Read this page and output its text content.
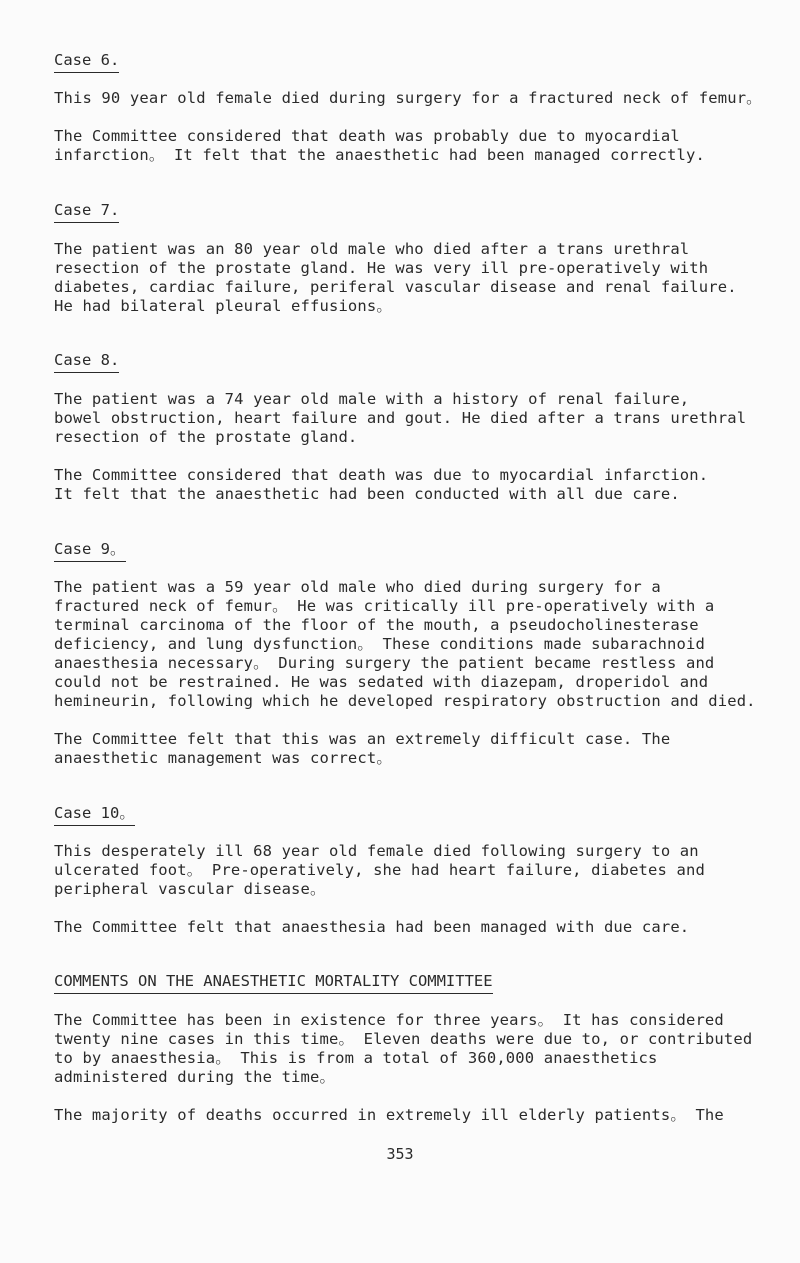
Case 6.
This 90 year old female died during surgery for a fractured neck of femur。
The Committee considered that death was probably due to myocardial
infarction。 It felt that the anaesthetic had been managed correctly.
Case 7.
The patient was an 80 year old male who died after a trans urethral
resection of the prostate gland. He was very ill pre-operatively with
diabetes, cardiac failure, periferal vascular disease and renal failure.
He had bilateral pleural effusions。
Case 8.
The patient was a 74 year old male with a history of renal failure,
bowel obstruction, heart failure and gout. He died after a trans urethral
resection of the prostate gland.
The Committee considered that death was due to myocardial infarction.
It felt that the anaesthetic had been conducted with all due care.
Case 9。
The patient was a 59 year old male who died during surgery for a
fractured neck of femur。 He was critically ill pre-operatively with a
terminal carcinoma of the floor of the mouth, a pseudocholinesterase
deficiency, and lung dysfunction。 These conditions made subarachnoid
anaesthesia necessary。 During surgery the patient became restless and
could not be restrained. He was sedated with diazepam, droperidol and
hemineurin, following which he developed respiratory obstruction and died.
The Committee felt that this was an extremely difficult case. The
anaesthetic management was correct。
Case 10。
This desperately ill 68 year old female died following surgery to an
ulcerated foot。 Pre-operatively, she had heart failure, diabetes and
peripheral vascular disease。
The Committee felt that anaesthesia had been managed with due care.
COMMENTS ON THE ANAESTHETIC MORTALITY COMMITTEE
The Committee has been in existence for three years。 It has considered
twenty nine cases in this time。 Eleven deaths were due to, or contributed
to by anaesthesia。 This is from a total of 360,000 anaesthetics
administered during the time。
The majority of deaths occurred in extremely ill elderly patients。 The
353
